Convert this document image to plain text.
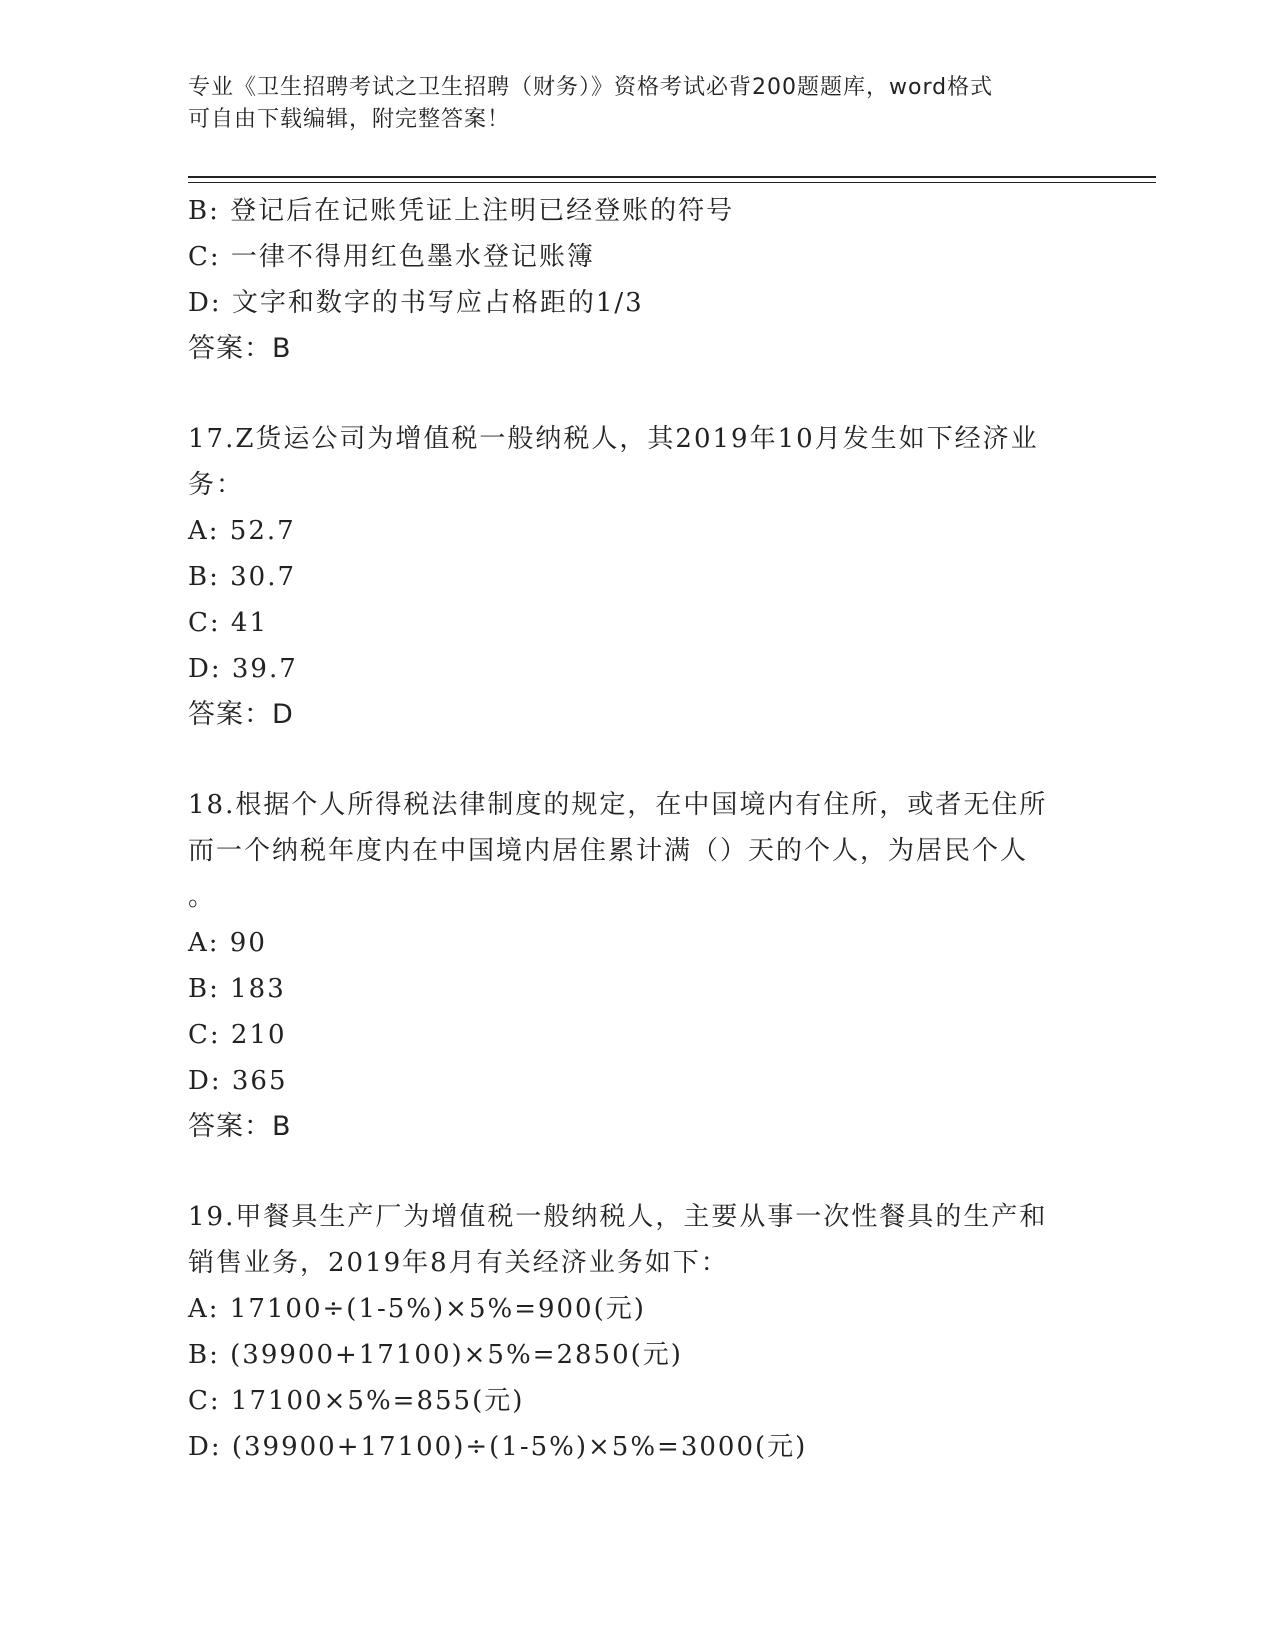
专业《卫生招聘考试之卫生招聘（财务）》资格考试必背200题题库，word格式
可自由下载编辑，附完整答案！
B: 登记后在记账凭证上注明已经登账的符号
C: 一律不得用红色墨水登记账簿
D: 文字和数字的书写应占格距的1/3
答案：B
17.Z货运公司为增值税一般纳税人，其2019年10月发生如下经济业
务：
A: 52.7
B: 30.7
C: 41
D: 39.7
答案：D
18.根据个人所得税法律制度的规定，在中国境内有住所，或者无住所
而一个纳税年度内在中国境内居住累计满（）天的个人，为居民个人
。
A: 90
B: 183
C: 210
D: 365
答案：B
19.甲餐具生产厂为增值税一般纳税人，主要从事一次性餐具的生产和
销售业务，2019年8月有关经济业务如下：
A: 17100÷(1-5%)×5%=900(元)
B: (39900+17100)×5%=2850(元)
C: 17100×5%=855(元)
D: (39900+17100)÷(1-5%)×5%=3000(元)
